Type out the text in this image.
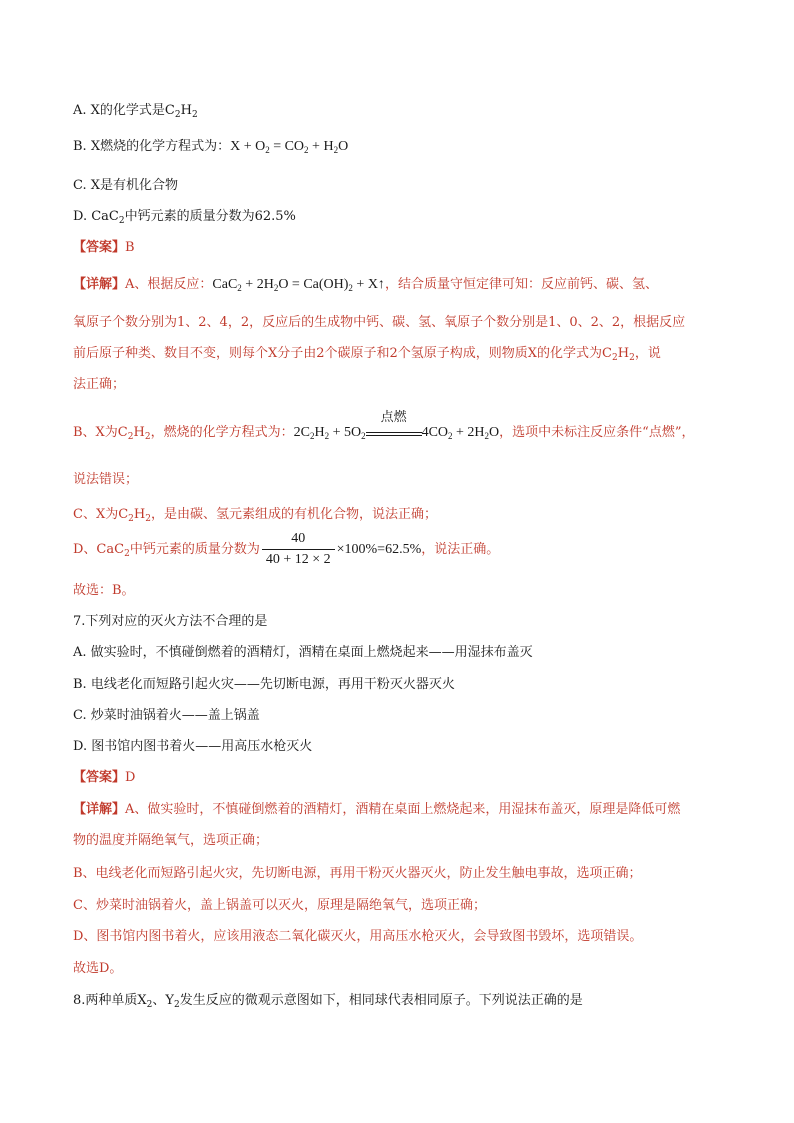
A. X的化学式是$C_2H_2$
B. X燃烧的化学方程式为：$X + O_2 = CO_2 + H_2O$
C. X是有机化合物
D. CaC$_2$中钙元素的质量分数为62.5%
【答案】B
【详解】A、根据反应：$CaC_2 + 2H_2O = Ca(OH)_2$ + X↑，结合质量守恒定律可知：反应前钙、碳、氢、
氧原子个数分别为1、2、4，2，反应后的生成物中钙、碳、氢、氧原子个数分别是1、0、2、2，根据反应
前后原子种类、数目不变，则每个X分子由2个碳原子和2个氢原子构成，则物质X的化学式为$C_2H_2$，说
法正确；
B、X为$C_2H_2$，燃烧的化学方程式为：$2C_2H_2 + 5O_2$
点燃
$4CO_2 + 2H_2O$，选项中未标注反应条件“点燃”，
说法错误；
C、X为$C_2H_2$，是由碳、氢元素组成的有机化合物，说法正确；
D、CaC$_2$中钙元素的质量分数为 $\frac{40}{40 + 12 \times 2} \times 100\%=62.5\%$，说法正确。
故选：B。
7.下列对应的灭火方法不合理的是
A. 做实验时，不慎碰倒燃着的酒精灯，酒精在桌面上燃烧起来——用湿抹布盖灭
B. 电线老化而短路引起火灾——先切断电源，再用干粉灭火器灭火
C. 炒菜时油锅着火——盖上锅盖
D. 图书馆内图书着火——用高压水枪灭火
【答案】D
【详解】A、做实验时，不慎碰倒燃着的酒精灯，酒精在桌面上燃烧起来，用湿抹布盖灭，原理是降低可燃
物的温度并隔绝氧气，选项正确；
B、电线老化而短路引起火灾，先切断电源，再用干粉灭火器灭火，防止发生触电事故，选项正确；
C、炒菜时油锅着火，盖上锅盖可以灭火，原理是隔绝氧气，选项正确；
D、图书馆内图书着火，应该用液态二氧化碳灭火，用高压水枪灭火，会导致图书毁坏，选项错误。
故选D。
8.两种单质$X_2$、$Y_2$发生反应的微观示意图如下，相同球代表相同原子。下列说法正确的是
